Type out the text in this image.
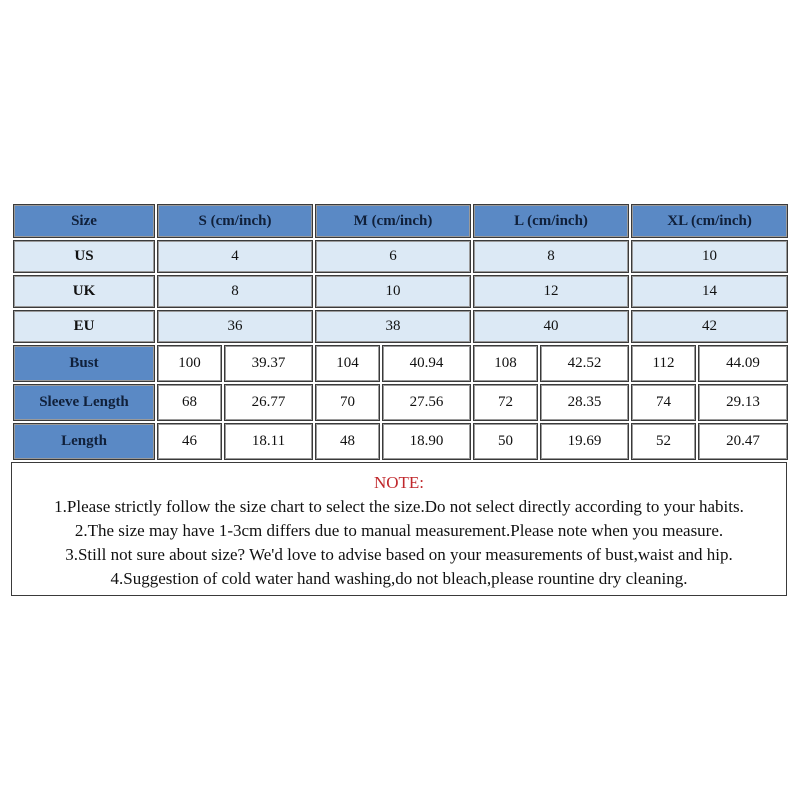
Size	S (cm/inch)		M (cm/inch)		L (cm/inch)		XL (cm/inch)	
US	4		6		8		10	
UK	8		10		12		14	
EU	36		38		40		42	
Bust	100	39.37	104	40.94	108	42.52	112	44.09
Sleeve Length	68	26.77	70	27.56	72	28.35	74	29.13
Length	46	18.11	48	18.90	50	19.69	52	20.47
NOTE:
1.Please strictly follow the size chart to select the size.Do not select directly according to your habits.
2.The size may have 1-3cm differs due to manual measurement.Please note when you measure.
3.Still not sure about size? We'd love to advise based on your measurements of bust,waist and hip.
4.Suggestion of cold water hand washing,do not bleach,please rountine dry cleaning.
